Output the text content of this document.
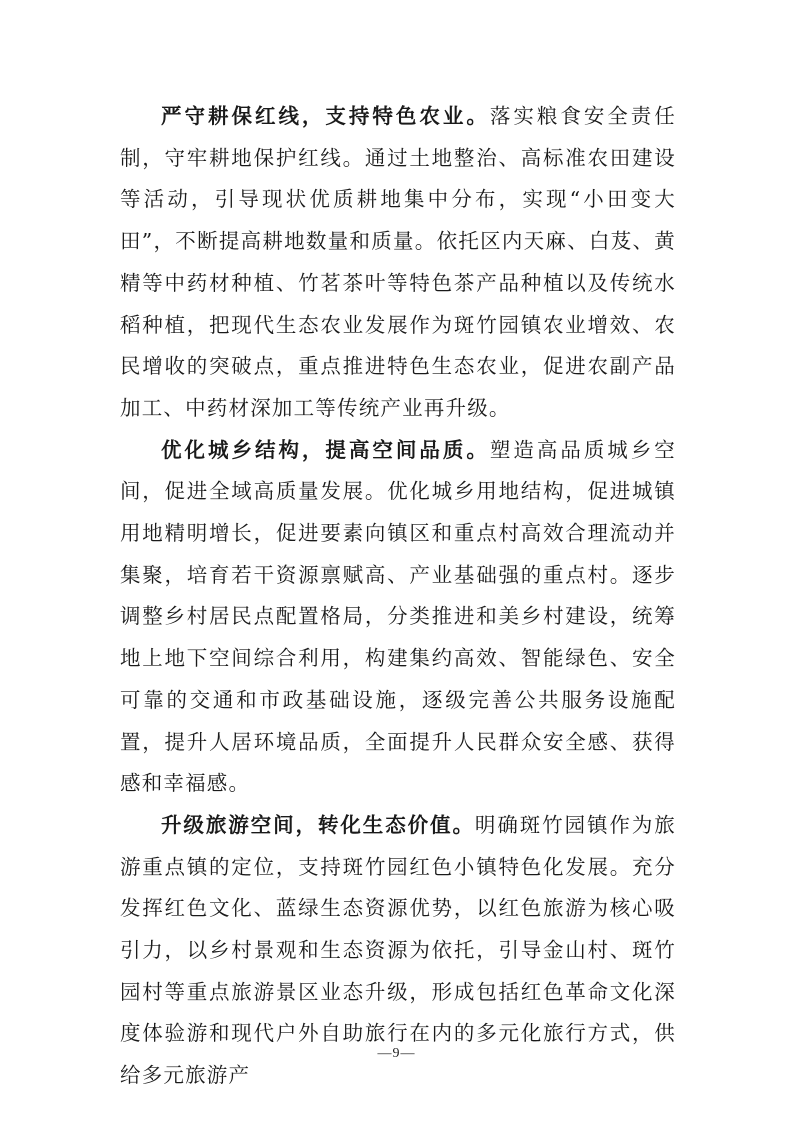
严守耕保红线，支持特色农业。落实粮食安全责任制，守牢耕地保护红线。通过土地整治、高标准农田建设等活动，引导现状优质耕地集中分布，实现“小田变大田”，不断提高耕地数量和质量。依托区内天麻、白芨、黄精等中药材种植、竹茗茶叶等特色茶产品种植以及传统水稻种植，把现代生态农业发展作为斑竹园镇农业增效、农民增收的突破点，重点推进特色生态农业，促进农副产品加工、中药材深加工等传统产业再升级。

优化城乡结构，提高空间品质。塑造高品质城乡空间，促进全域高质量发展。优化城乡用地结构，促进城镇用地精明增长，促进要素向镇区和重点村高效合理流动并集聚，培育若干资源禀赋高、产业基础强的重点村。逐步调整乡村居民点配置格局，分类推进和美乡村建设，统筹地上地下空间综合利用，构建集约高效、智能绿色、安全可靠的交通和市政基础设施，逐级完善公共服务设施配置，提升人居环境品质，全面提升人民群众安全感、获得感和幸福感。

升级旅游空间，转化生态价值。明确斑竹园镇作为旅游重点镇的定位，支持斑竹园红色小镇特色化发展。充分发挥红色文化、蓝绿生态资源优势，以红色旅游为核心吸引力，以乡村景观和生态资源为依托，引导金山村、斑竹园村等重点旅游景区业态升级，形成包括红色革命文化深度体验游和现代户外自助旅行在内的多元化旅行方式，供给多元旅游产

—9—
